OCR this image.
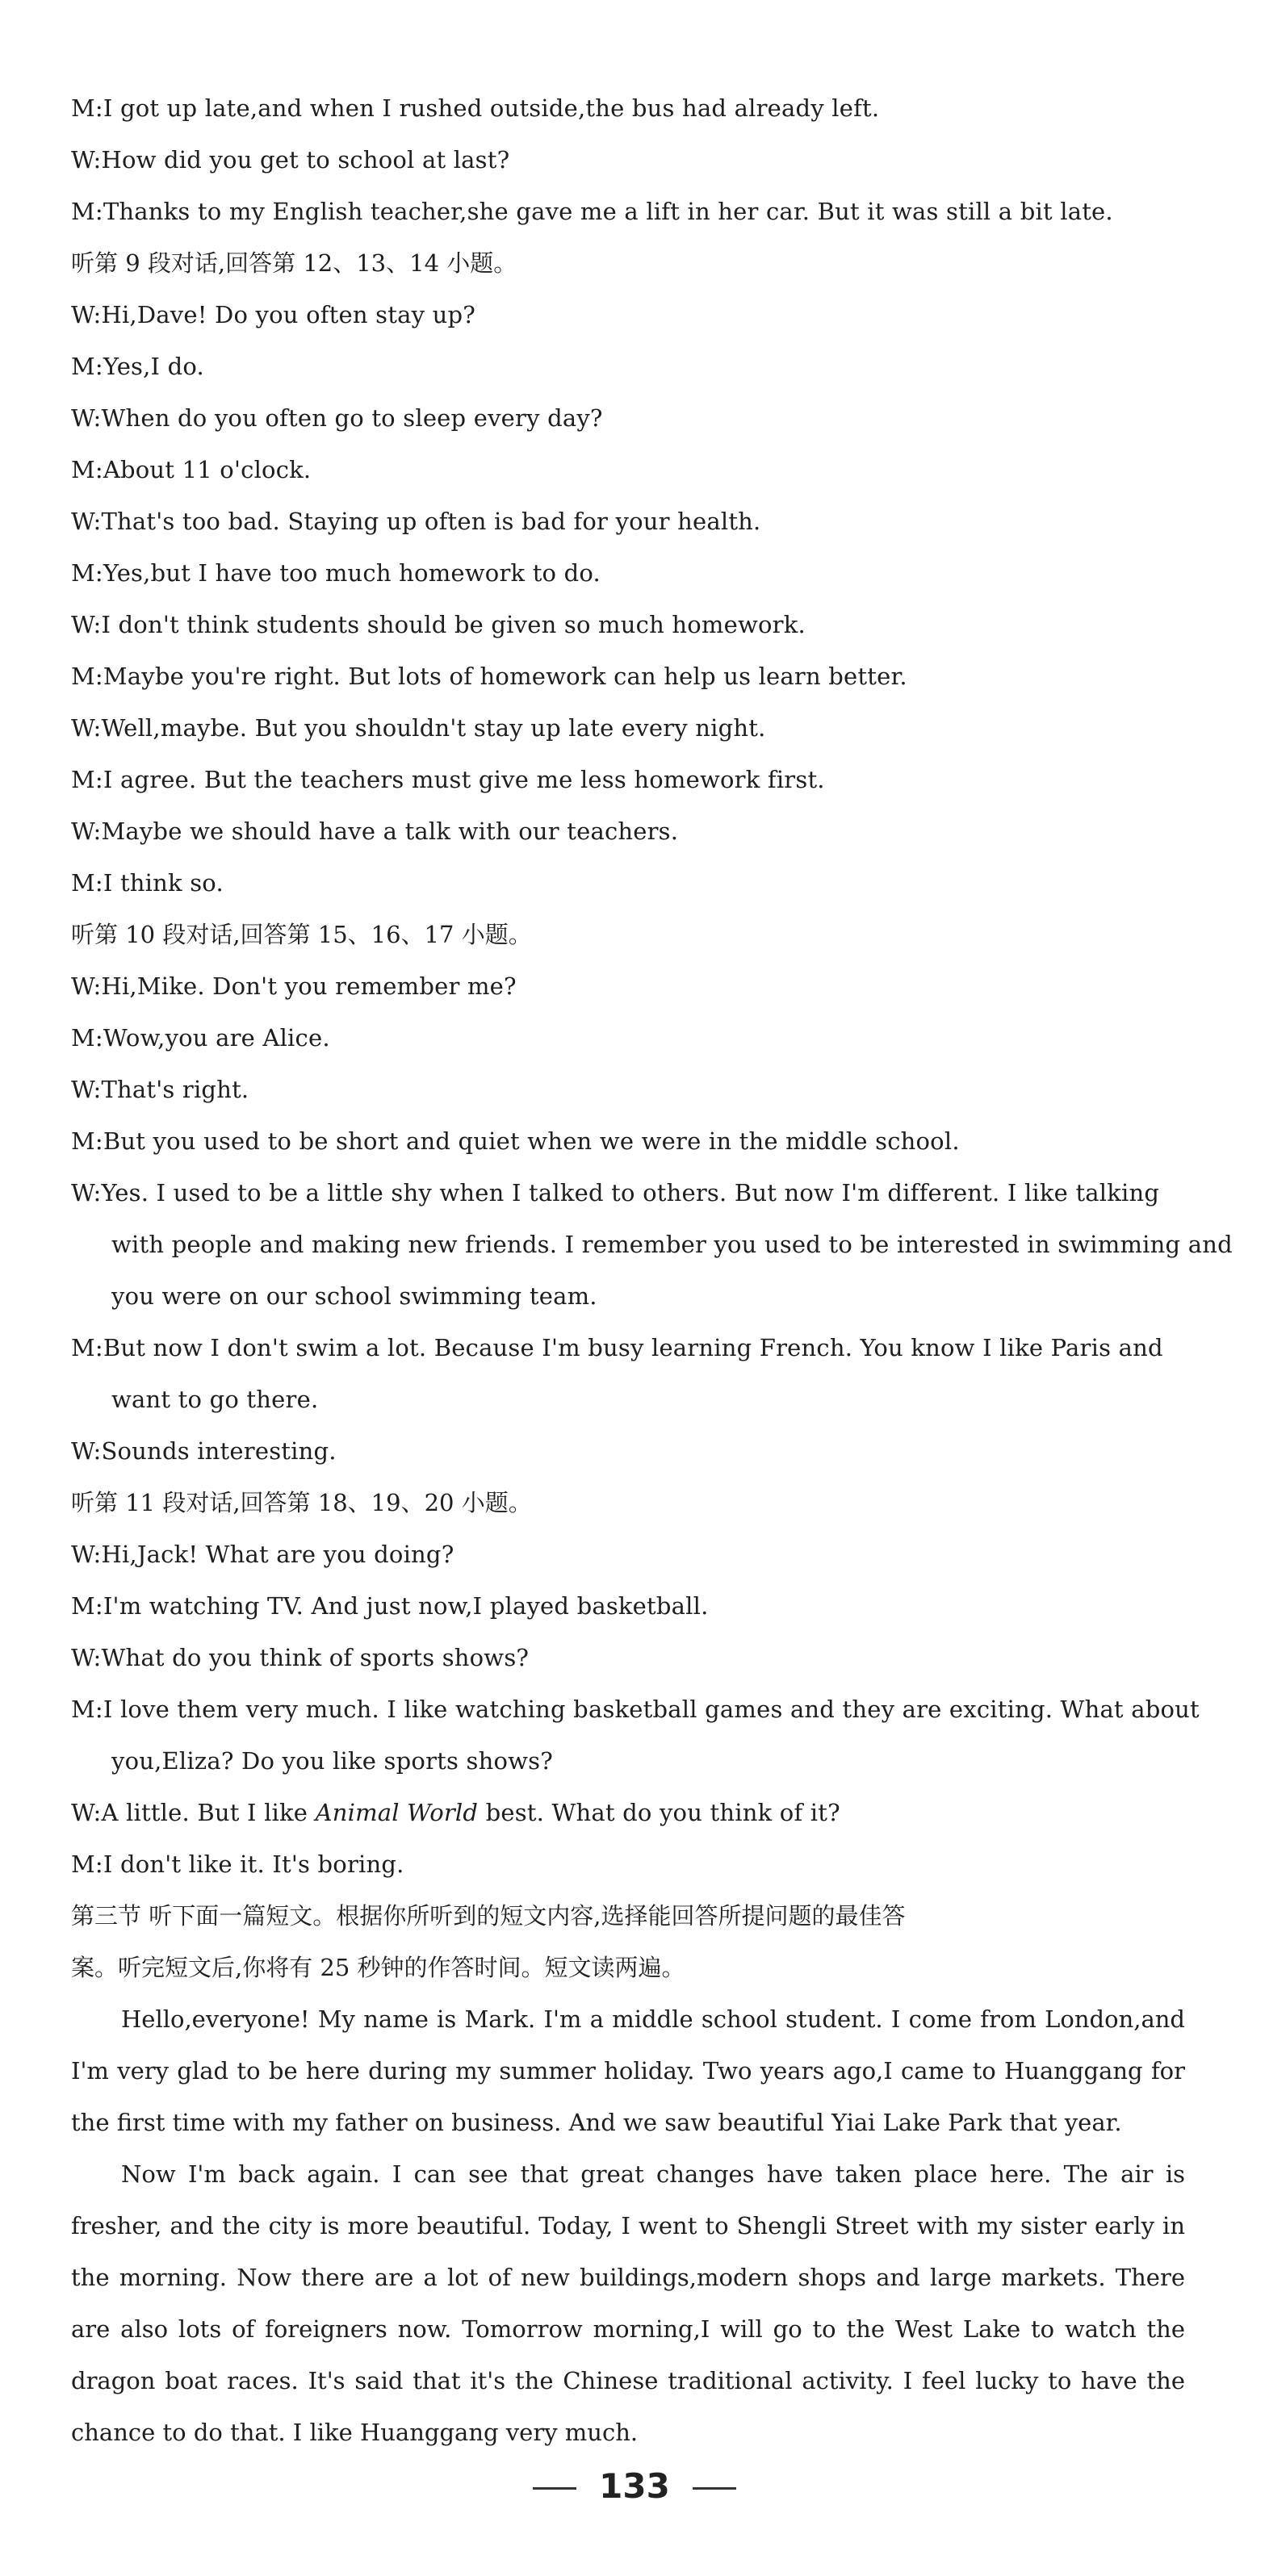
M:I got up late,and when I rushed outside,the bus had already left.
W:How did you get to school at last?
M:Thanks to my English teacher,she gave me a lift in her car. But it was still a bit late.
听第 9 段对话,回答第 12、13、14 小题。
W:Hi,Dave! Do you often stay up?
M:Yes,I do.
W:When do you often go to sleep every day?
M:About 11 o'clock.
W:That's too bad. Staying up often is bad for your health.
M:Yes,but I have too much homework to do.
W:I don't think students should be given so much homework.
M:Maybe you're right. But lots of homework can help us learn better.
W:Well,maybe. But you shouldn't stay up late every night.
M:I agree. But the teachers must give me less homework first.
W:Maybe we should have a talk with our teachers.
M:I think so.
听第 10 段对话,回答第 15、16、17 小题。
W:Hi,Mike. Don't you remember me?
M:Wow,you are Alice.
W:That's right.
M:But you used to be short and quiet when we were in the middle school.
W:Yes. I used to be a little shy when I talked to others. But now I'm different. I like talking
with people and making new friends. I remember you used to be interested in swimming and
you were on our school swimming team.
M:But now I don't swim a lot. Because I'm busy learning French. You know I like Paris and
want to go there.
W:Sounds interesting.
听第 11 段对话,回答第 18、19、20 小题。
W:Hi,Jack! What are you doing?
M:I'm watching TV. And just now,I played basketball.
W:What do you think of sports shows?
M:I love them very much. I like watching basketball games and they are exciting. What about
you,Eliza? Do you like sports shows?
W:A little. But I like Animal World best. What do you think of it?
M:I don't like it. It's boring.
第三节 听下面一篇短文。根据你所听到的短文内容,选择能回答所提问题的最佳答
案。听完短文后,你将有 25 秒钟的作答时间。短文读两遍。

Hello,everyone! My name is Mark. I'm a middle school student. I come from London,and I'm very glad to be here during my summer holiday. Two years ago,I came to Huanggang for the first time with my father on business. And we saw beautiful Yiai Lake Park that year.

Now I'm back again. I can see that great changes have taken place here. The air is fresher, and the city is more beautiful. Today, I went to Shengli Street with my sister early in the morning. Now there are a lot of new buildings,modern shops and large markets. There are also lots of foreigners now. Tomorrow morning,I will go to the West Lake to watch the dragon boat races. It's said that it's the Chinese traditional activity. I feel lucky to have the chance to do that. I like Huanggang very much.

133
